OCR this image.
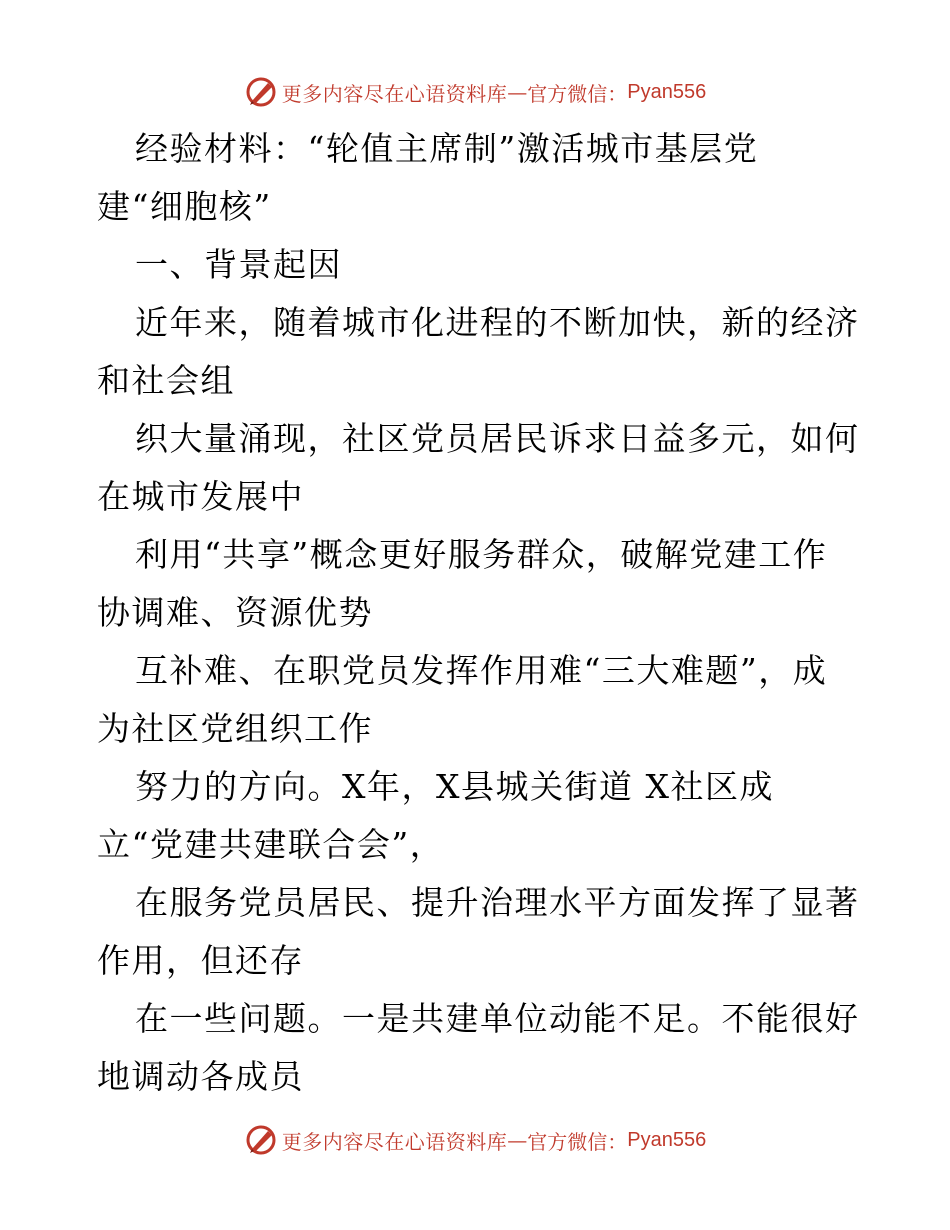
更多内容尽在心语资料库 — 官方微信： Pyan556
经验材料：“轮值主席制”激活城市基层党
建“细胞核”
一、背景起因
近年来，随着城市化进程的不断加快，新的经济
和社会组
织大量涌现，社区党员居民诉求日益多元，如何
在城市发展中
利用“共享”概念更好服务群众，破解党建工作
协调难、资源优势
互补难、在职党员发挥作用难“三大难题”，成
为社区党组织工作
努力的方向。X年，X县城关街道 X社区成
立“党建共建联合会”，
在服务党员居民、提升治理水平方面发挥了显著
作用，但还存
在一些问题。一是共建单位动能不足。不能很好
地调动各成员
更多内容尽在心语资料库 — 官方微信： Pyan556
